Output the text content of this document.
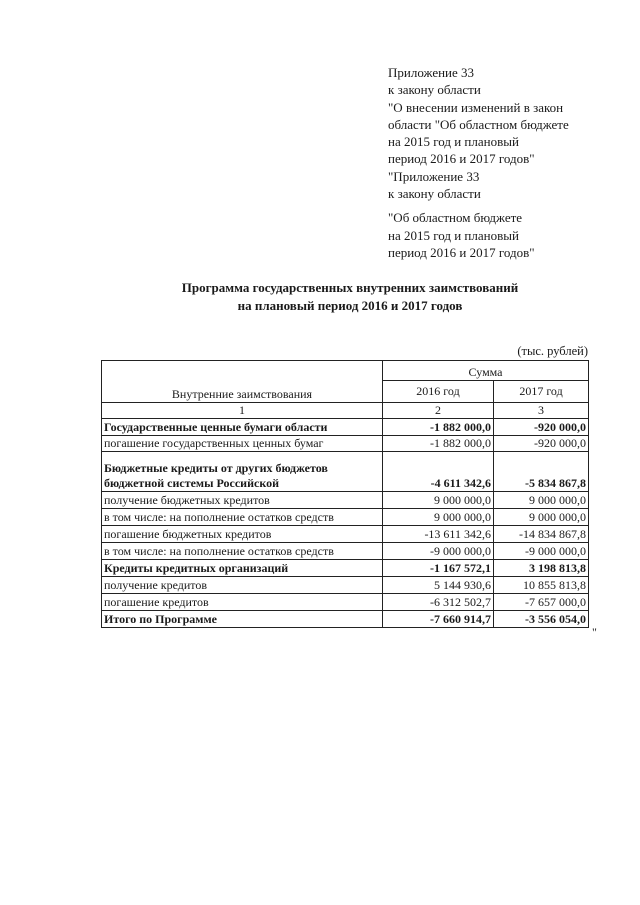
Приложение 33
к закону области
"О внесении изменений в закон
области "Об областном бюджете
на 2015 год и плановый
период 2016 и 2017 годов"
"Приложение 33
к закону области
"Об областном бюджете
на 2015 год и плановый
период 2016 и 2017 годов"
Программа государственных внутренних заимствований
на плановый период 2016 и 2017 годов
(тыс. рублей)
Внутренние заимствования	Сумма	
	2016 год	2017 год
1	2	3
Государственные ценные бумаги области	-1 882 000,0	-920 000,0
погашение государственных ценных бумаг	-1 882 000,0	-920 000,0

Бюджетные кредиты от других бюджетов
бюджетной системы Российской	-4 611 342,6	-5 834 867,8
получение бюджетных кредитов	9 000 000,0	9 000 000,0
в том числе: на пополнение остатков средств	9 000 000,0	9 000 000,0
погашение бюджетных кредитов	-13 611 342,6	-14 834 867,8
в том числе: на пополнение остатков средств	-9 000 000,0	-9 000 000,0
Кредиты кредитных организаций	-1 167 572,1	3 198 813,8
получение кредитов	5 144 930,6	10 855 813,8
погашение кредитов	-6 312 502,7	-7 657 000,0
Итого по Программе	-7 660 914,7	-3 556 054,0
"
